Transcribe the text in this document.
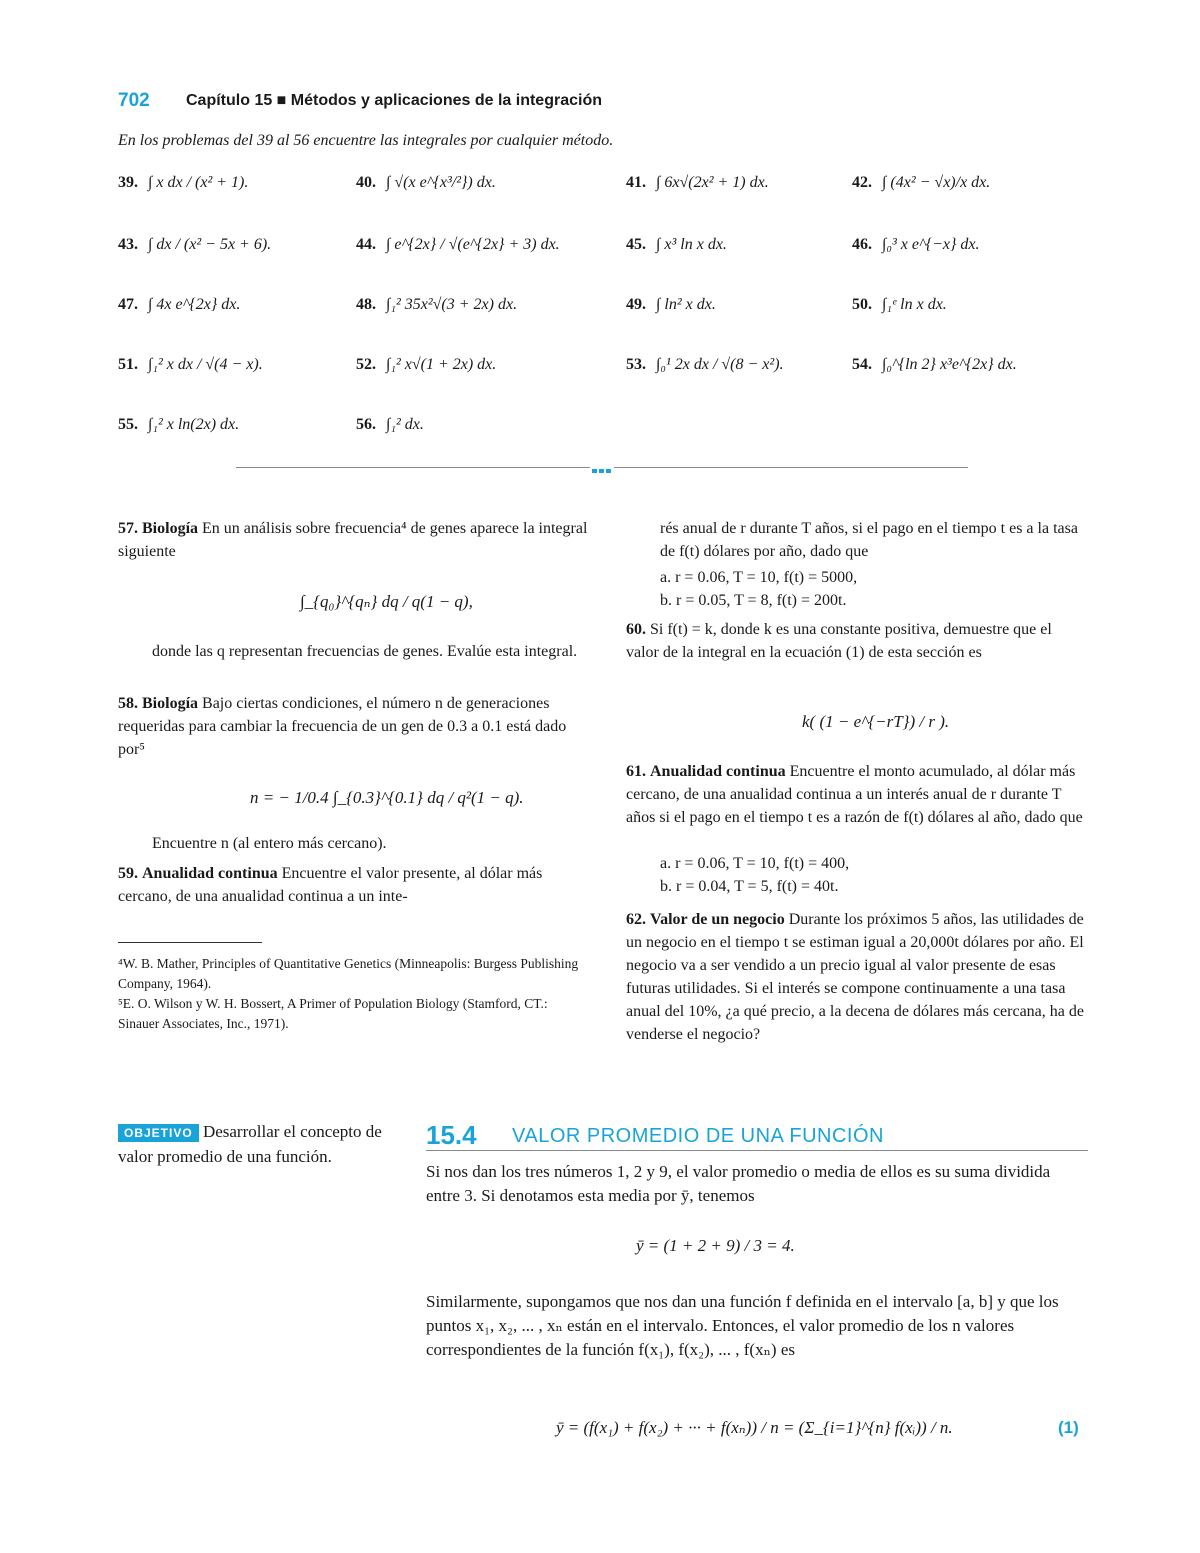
702 Capítulo 15 ■ Métodos y aplicaciones de la integración
En los problemas del 39 al 56 encuentre las integrales por cualquier método.
39. ∫ x dx / (x² + 1).	40. ∫ √(x e^{x³/²}) dx.	41. ∫ 6x√(2x² + 1) dx.	42. ∫ (4x² − √x)/x dx.
43. ∫ dx / (x² − 5x + 6).	44. ∫ e^{2x} / √(e^{2x} + 3) dx.	45. ∫ x³ ln x dx.	46. ∫₀³ x e^{−x} dx.
47. ∫ 4x e^{2x} dx.	48. ∫₁² 35x²√(3 + 2x) dx.	49. ∫ ln² x dx.	50. ∫₁ᵉ ln x dx.
51. ∫₁² x dx / √(4 − x).	52. ∫₁² x√(1 + 2x) dx.	53. ∫₀¹ 2x dx / √(8 − x²).	54. ∫₀^{ln 2} x³e^{2x} dx.
55. ∫₁² x ln(2x) dx.	56. ∫₁² dx.
57. Biología En un análisis sobre frecuencia⁴ de genes aparece la integral siguiente
∫_{q₀}^{qₙ} dq / q(1 − q),
donde las q representan frecuencias de genes. Evalúe esta integral.
58. Biología Bajo ciertas condiciones, el número n de generaciones requeridas para cambiar la frecuencia de un gen de 0.3 a 0.1 está dado por⁵
n = − 1/0.4 ∫_{0.3}^{0.1} dq / q²(1 − q).
Encuentre n (al entero más cercano).
59. Anualidad continua Encuentre el valor presente, al dólar más cercano, de una anualidad continua a un inte-
⁴W. B. Mather, Principles of Quantitative Genetics (Minneapolis: Burgess Publishing Company, 1964).
⁵E. O. Wilson y W. H. Bossert, A Primer of Population Biology (Stamford, CT.: Sinauer Associates, Inc., 1971).
rés anual de r durante T años, si el pago en el tiempo t es a la tasa de f(t) dólares por año, dado que
a. r = 0.06, T = 10, f(t) = 5000,
b. r = 0.05, T = 8, f(t) = 200t.
60. Si f(t) = k, donde k es una constante positiva, demuestre que el valor de la integral en la ecuación (1) de esta sección es
k( (1 − e^{−rT}) / r ).
61. Anualidad continua Encuentre el monto acumulado, al dólar más cercano, de una anualidad continua a un interés anual de r durante T años si el pago en el tiempo t es a razón de f(t) dólares al año, dado que
a. r = 0.06, T = 10, f(t) = 400,
b. r = 0.04, T = 5, f(t) = 40t.
62. Valor de un negocio Durante los próximos 5 años, las utilidades de un negocio en el tiempo t se estiman igual a 20,000t dólares por año. El negocio va a ser vendido a un precio igual al valor presente de esas futuras utilidades. Si el interés se compone continuamente a una tasa anual del 10%, ¿a qué precio, a la decena de dólares más cercana, ha de venderse el negocio?
OBJETIVO Desarrollar el concepto de valor promedio de una función.
15.4 VALOR PROMEDIO DE UNA FUNCIÓN
Si nos dan los tres números 1, 2 y 9, el valor promedio o media de ellos es su suma dividida entre 3. Si denotamos esta media por ȳ, tenemos
ȳ = (1 + 2 + 9) / 3 = 4.
Similarmente, supongamos que nos dan una función f definida en el intervalo [a, b] y que los puntos x₁, x₂, ... , xₙ están en el intervalo. Entonces, el valor promedio de los n valores correspondientes de la función f(x₁), f(x₂), ... , f(xₙ) es
ȳ = (f(x₁) + f(x₂) + ··· + f(xₙ)) / n = (Σ_{i=1}^{n} f(xᵢ)) / n.	(1)
